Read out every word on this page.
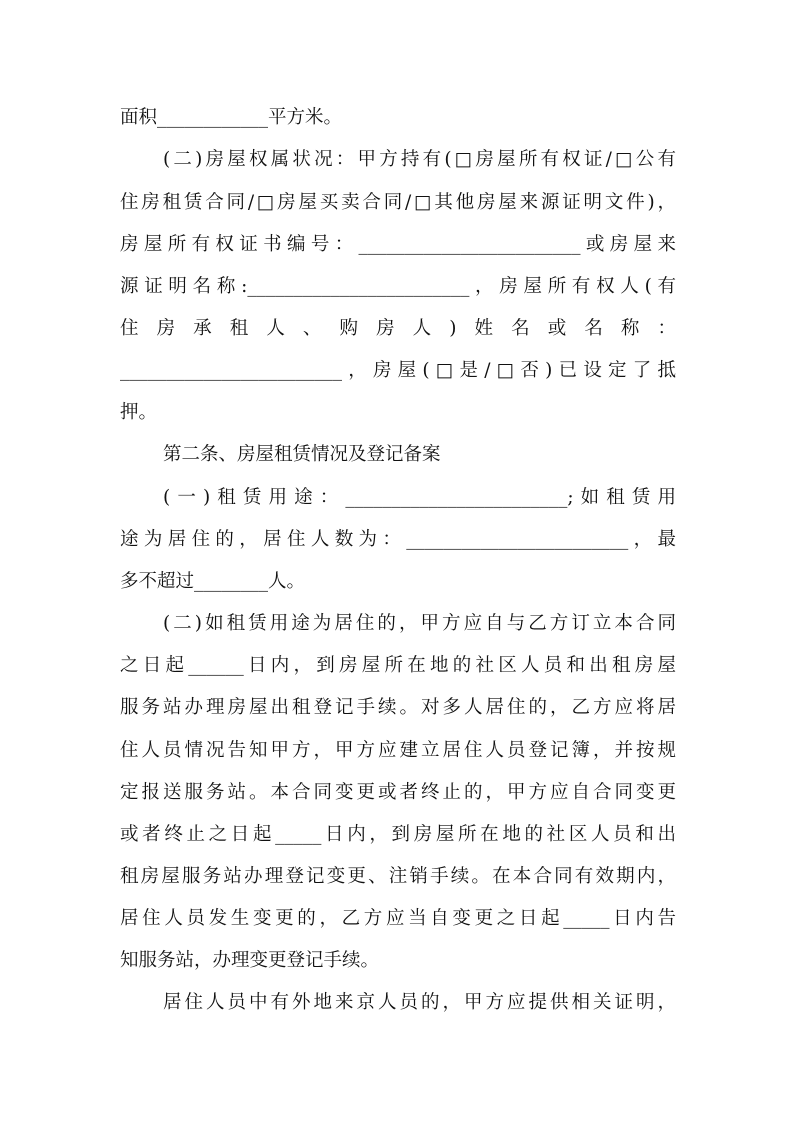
面积____________平方米。
(二)房屋权属状况：甲方持有(□房屋所有权证/□公有
住房租赁合同/□房屋买卖合同/□其他房屋来源证明文件)，
房屋所有权证书编号：________________________或房屋来
源证明名称:________________________，房屋所有权人(有
住房承租人、购房人)姓名或名称：
________________________，房屋(□是/□否)已设定了抵
押。
第二条、房屋租赁情况及登记备案
(一)租赁用途：________________________;如租赁用
途为居住的，居住人数为：________________________，最
多不超过________人。
(二)如租赁用途为居住的，甲方应自与乙方订立本合同
之日起______日内，到房屋所在地的社区人员和出租房屋
服务站办理房屋出租登记手续。对多人居住的，乙方应将居
住人员情况告知甲方，甲方应建立居住人员登记簿，并按规
定报送服务站。本合同变更或者终止的，甲方应自合同变更
或者终止之日起_____日内，到房屋所在地的社区人员和出
租房屋服务站办理登记变更、注销手续。在本合同有效期内，
居住人员发生变更的，乙方应当自变更之日起_____日内告
知服务站，办理变更登记手续。
居住人员中有外地来京人员的，甲方应提供相关证明，
